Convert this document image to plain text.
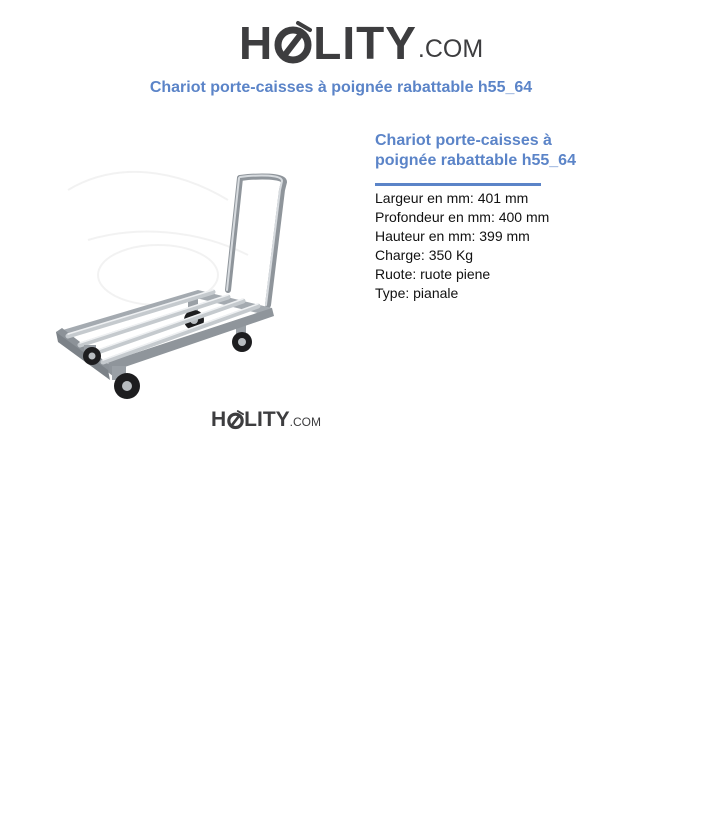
H LITY .COM
Chariot porte-caisses à poignée rabattable h55_64
H LITY .COM
Chariot porte-caisses à poignée rabattable h55_64
Largeur en mm: 401 mm
Profondeur en mm: 400 mm
Hauteur en mm: 399 mm
Charge: 350 Kg
Ruote: ruote piene
Type: pianale
